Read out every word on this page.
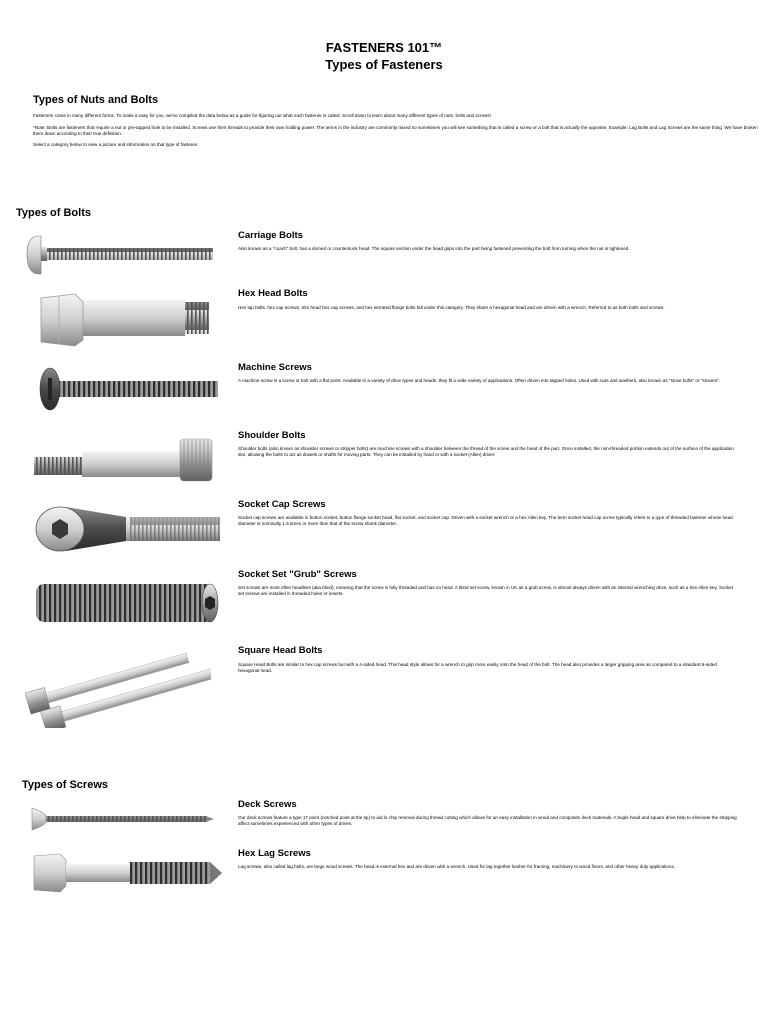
FASTENERS 101™
Types of Fasteners
Types of Nuts and Bolts
Fasteners come in many different forms. To make it easy for you, we've compiled the data below as a guide for figuring out what each fastener is called. Scroll down to learn about many different types of nuts, bolts and screws!
*Note: Bolts are fasteners that require a nut or pre-tapped hole to be installed. Screws use their threads to provide their own holding power. The terms in the industry are commonly mixed so sometimes you will see something that is called a screw or a bolt that is actually the opposite. Example: Lag Bolts and Lag Screws are the same thing. We have broken them down according to their true definition.
Select a category below to view a picture and information on that type of fastener.
Types of Bolts
Carriage Bolts
Also known as a "coach" bolt, has a domed or countersunk head. The square section under the head grips into the part being fastened preventing the bolt from turning when the nut is tightened.
Hex Head Bolts
Hex tap bolts, hex cap screws, trim head hex cap screws, and hex serrated flange bolts fall under this category. They share a hexagonal head and are driven with a wrench. Referred to as both bolts and screws.
Machine Screws
A machine screw is a screw or bolt with a flat point. Available in a variety of drive types and heads, they fit a wide variety of applications. Often driven into tapped holes. Used with nuts and washers, also known as "stove bolts" or "stovers".
Shoulder Bolts
Shoulder bolts (also known as shoulder screws or stripper bolts) are machine screws with a shoulder between the thread of the screw and the head of the part. Once installed, the non-threaded portion extends out of the surface of the application site, allowing the bolts to act as dowels or shafts for moving parts. They can be installed by hand or with a socket (Allen) driver.
Socket Cap Screws
Socket cap screws are available in button socket, button flange socket head, flat socket, and socket cap. Driven with a socket wrench or a hex Allen key. The term socket head cap screw typically refers to a type of threaded fastener whose head diameter is nominally 1.5 times or more than that of the screw shank diameter.
Socket Set "Grub" Screws
Set screws are most often headless (aka blind), meaning that the screw is fully threaded and has no head. A blind set screw, known in UK as a grub screw, is almost always driven with an internal wrenching drive, such as a hex Allen key. Socket set screws are installed in threaded holes or inserts.
Square Head Bolts
Square Head Bolts are similar to hex cap screws but with a 4-sided head. This head style allows for a wrench to grip more easily onto the head of the bolt. The head also provides a larger gripping area as compared to a standard 6-sided hexagonal head.
Types of Screws
Deck Screws
Our deck screws feature a type 17 point (notched point at the tip) to aid in chip removal during thread cutting which allows for an easy installation in wood and composite deck materials. A bugle head and square drive help to eliminate the stripping affect sometimes experienced with other types of drives.
Hex Lag Screws
Lag screws, also called lag bolts, are large wood screws. The head is external hex and are driven with a wrench. Used for lag together lumber for framing, machinery to wood floors, and other heavy duty applications.
